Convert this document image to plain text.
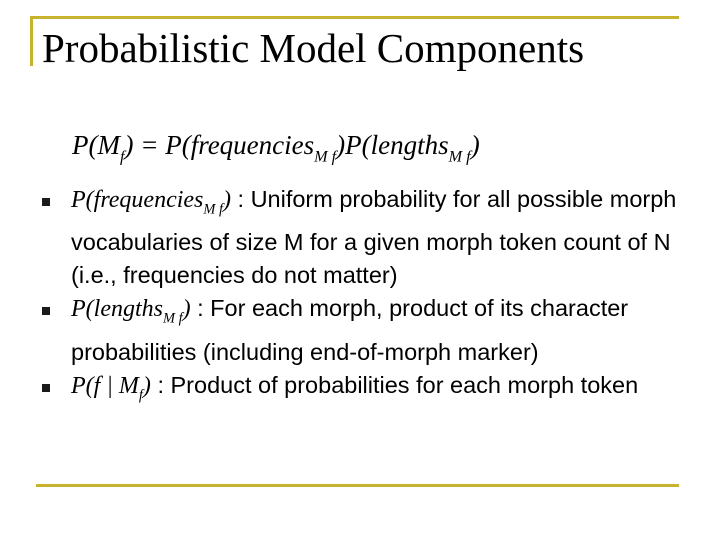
Probabilistic Model Components
$P(M_f)$ = P(frequencies$_{M f}$)P(lengths$_{M f}$)
P(frequencies$_{M f}$) : Uniform probability for all possible morph vocabularies of size M for a given morph token count of N (i.e., frequencies do not matter)
P(lengths$_{M f}$) : For each morph, product of its character probabilities (including end-of-morph marker)
P(f | $M_f$) : Product of probabilities for each morph token
